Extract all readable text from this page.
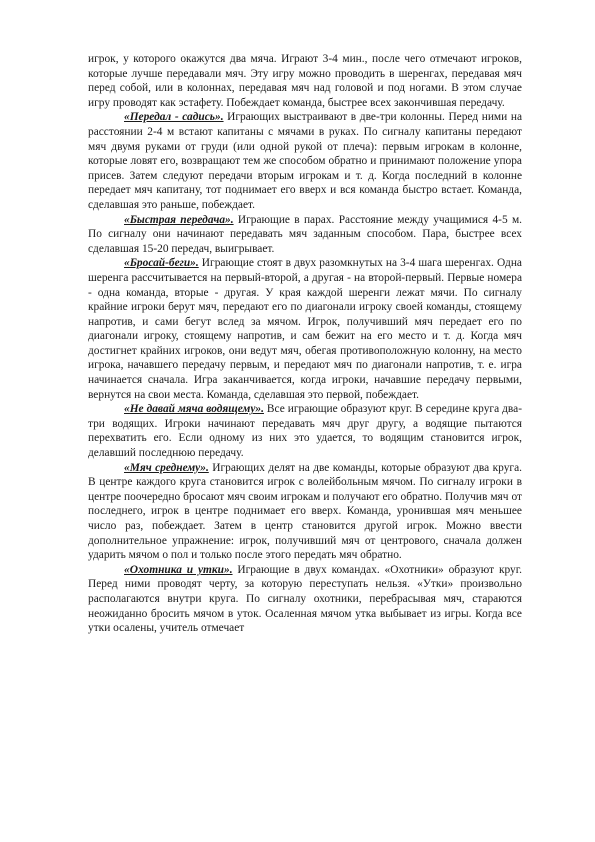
игрок, у которого окажутся два мяча. Играют 3-4 мин., после чего отмечают игроков, которые лучше передавали мяч. Эту игру можно проводить в шеренгах, передавая мяч перед собой, или в колоннах, передавая мяч над головой и под ногами. В этом случае игру проводят как эстафету. Побеждает команда, быстрее всех закончившая передачу.

«Передал - садись». Играющих выстраивают в две-три колонны. Перед ними на расстоянии 2-4 м встают капитаны с мячами в руках. По сигналу капитаны передают мяч двумя руками от груди (или одной рукой от плеча): первым игрокам в колонне, которые ловят его, возвращают тем же способом обратно и принимают положение упора присев. Затем следуют передачи вторым игрокам и т. д. Когда последний в колонне передает мяч капитану, тот поднимает его вверх и вся команда быстро встает. Команда, сделавшая это раньше, побеждает.

«Быстрая передача». Играющие в парах. Расстояние между учащимися 4-5 м. По сигналу они начинают передавать мяч заданным способом. Пара, быстрее всех сделавшая 15-20 передач, выигрывает.

«Бросай-беги». Играющие стоят в двух разомкнутых на 3-4 шага шеренгах. Одна шеренга рассчитывается на первый-второй, а другая - на второй-первый. Первые номера - одна команда, вторые - другая. У края каждой шеренги лежат мячи. По сигналу крайние игроки берут мяч, передают его по диагонали игроку своей команды, стоящему напротив, и сами бегут вслед за мячом. Игрок, получивший мяч передает его по диагонали игроку, стоящему напротив, и сам бежит на его место и т. д. Когда мяч достигнет крайних игроков, они ведут мяч, обегая противоположную колонну, на место игрока, начавшего передачу первым, и передают мяч по диагонали напротив, т. е. игра начинается сначала. Игра заканчивается, когда игроки, начавшие передачу первыми, вернутся на свои места. Команда, сделавшая это первой, побеждает.

«Не давай мяча водящему». Все играющие образуют круг. В середине круга два-три водящих. Игроки начинают передавать мяч друг другу, а водящие пытаются перехватить его. Если одному из них это удается, то водящим становится игрок, делавший последнюю передачу.

«Мяч среднему». Играющих делят на две команды, которые образуют два круга. В центре каждого круга становится игрок с волейбольным мячом. По сигналу игроки в центре поочередно бросают мяч своим игрокам и получают его обратно. Получив мяч от последнего, игрок в центре поднимает его вверх. Команда, уронившая мяч меньшее число раз, побеждает. Затем в центр становится другой игрок. Можно ввести дополнительное упражнение: игрок, получивший мяч от центрового, сначала должен ударить мячом о пол и только после этого передать мяч обратно.

«Охотника и утки». Играющие в двух командах. «Охотники» образуют круг. Перед ними проводят черту, за которую переступать нельзя. «Утки» произвольно располагаются внутри круга. По сигналу охотники, перебрасывая мяч, стараются неожиданно бросить мячом в уток. Осаленная мячом утка выбывает из игры. Когда все утки осалены, учитель отмечает
